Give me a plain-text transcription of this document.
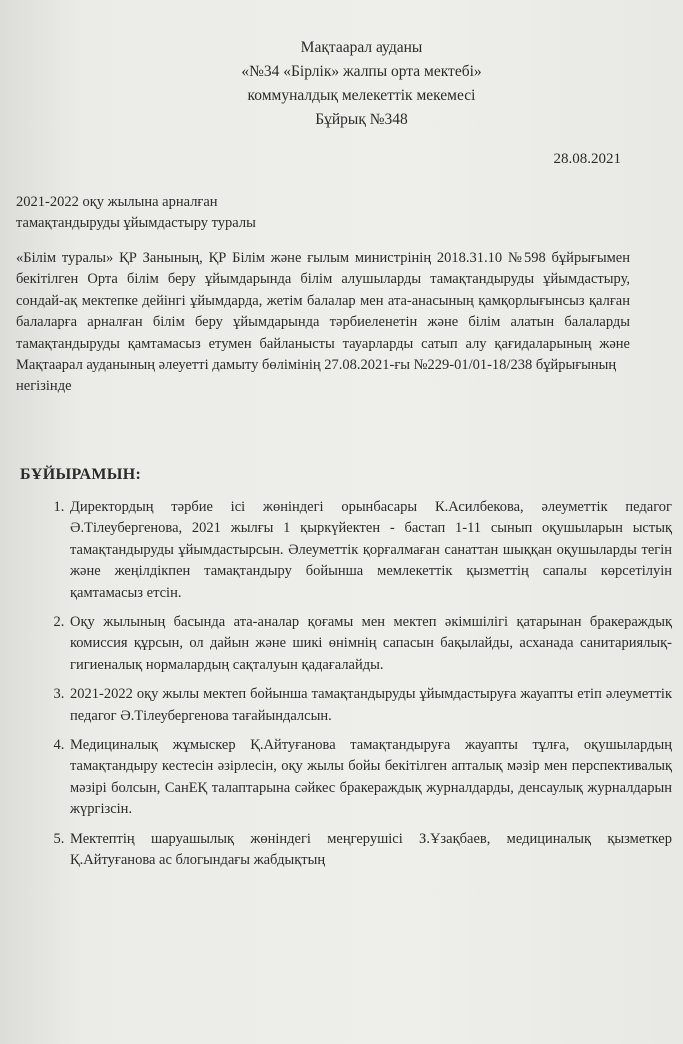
Мақтаарал ауданы
«№34 «Бірлік» жалпы орта мектебі»
коммуналдық мелекеттік мекемесі
Бұйрық №348
28.08.2021
2021-2022 оқу жылына арналған
тамақтандыруды ұйымдастыру туралы
«Білім туралы» ҚР Занының, ҚР Білім және ғылым министрінің 2018.31.10 №598 бұйрығымен бекітілген Орта білім беру ұйымдарында білім алушыларды тамақтандыруды ұйымдастыру, сондай-ақ мектепке дейінгі ұйымдарда, жетім балалар мен ата-анасының қамқорлығынсыз қалған балаларға арналған білім беру ұйымдарында тәрбиеленетін және білім алатын балаларды тамақтандыруды қамтамасыз етумен байланысты тауарларды сатып алу қағидаларының және Мақтаарал ауданының әлеуетті дамыту бөлімінің 27.08.2021-ғы №229-01/01-18/238 бұйрығының
негізінде
БҰЙЫРАМЫН:
1. Директордың тәрбие ісі жөніндегі орынбасары К.Асилбекова, әлеуметтік педагог Ә.Тілеубергенова, 2021 жылғы 1 қыркүйектен - бастап 1-11 сынып оқушыларын ыстық тамақтандыруды ұйымдастырсын. Әлеуметтік қорғалмаған санаттан шыққан оқушыларды тегін және жеңілдікпен тамақтандыру бойынша мемлекеттік қызметтің сапалы көрсетілуін қамтамасыз етсін.
2. Оқу жылының басында ата-аналар қоғамы мен мектеп әкімшілігі қатарынан бракераждық комиссия құрсын, ол дайын және шикі өнімнің сапасын бақылайды, асханада санитариялық-гигиеналық нормалардың сақталуын қадағалайды.
3. 2021-2022 оқу жылы мектеп бойынша тамақтандыруды ұйымдастыруға жауапты етіп әлеуметтік педагог Ә.Тілеубергенова тағайындалсын.
4. Медициналық жұмыскер Қ.Айтуғанова тамақтандыруға жауапты тұлға, оқушылардың тамақтандыру кестесін әзірлесін, оқу жылы бойы бекітілген апталық мәзір мен перспективалық мәзірі болсын, СанЕҚ талаптарына сәйкес бракераждық журналдарды, денсаулық журналдарын жүргізсін.
5. Мектептің шаруашылық жөніндегі меңгерушісі З.Ұзақбаев, медициналық қызметкер Қ.Айтуғанова ас блогындағы жабдықтың
